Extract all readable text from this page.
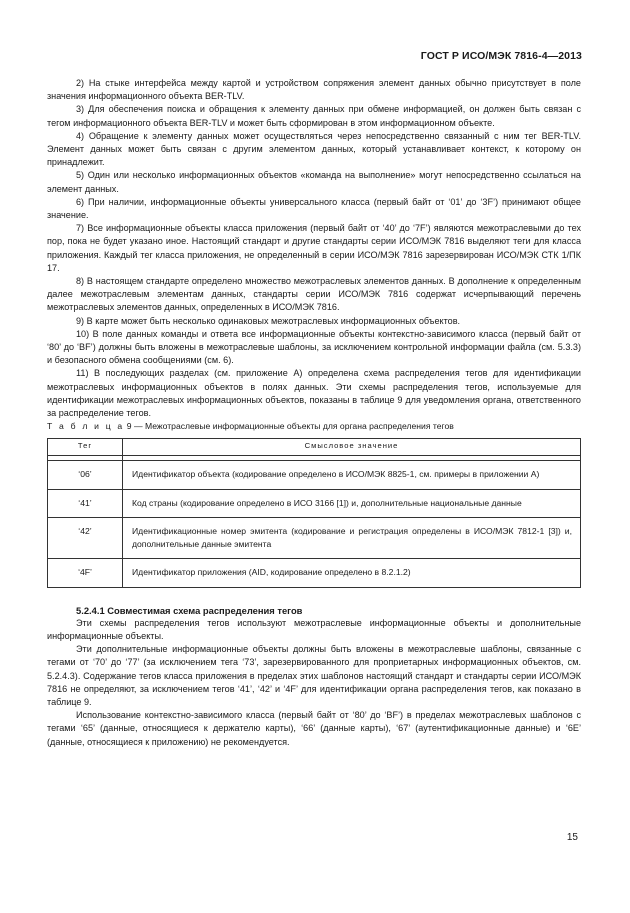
ГОСТ Р ИСО/МЭК 7816-4—2013

2) На стыке интерфейса между картой и устройством сопряжения элемент данных обычно присутствует в поле значения информационного объекта BER-TLV.

3) Для обеспечения поиска и обращения к элементу данных при обмене информацией, он должен быть связан с тегом информационного объекта BER-TLV и может быть сформирован в этом информационном объекте.

4) Обращение к элементу данных может осуществляться через непосредственно связанный с ним тег BER-TLV. Элемент данных может быть связан с другим элементом данных, который устанавливает контекст, к которому он принадлежит.

5) Один или несколько информационных объектов «команда на выполнение» могут непосредственно ссылаться на элемент данных.

6) При наличии, информационные объекты универсального класса (первый байт от ‘01’ до ‘3F’) принимают общее значение.

7) Все информационные объекты класса приложения (первый байт от ‘40’ до ‘7F’) являются межотраслевыми до тех пор, пока не будет указано иное. Настоящий стандарт и другие стандарты серии ИСО/МЭК 7816 выделяют теги для класса приложения. Каждый тег класса приложения, не определенный в серии ИСО/МЭК 7816 зарезервирован ИСО/МЭК СТК 1/ПК 17.

8) В настоящем стандарте определено множество межотраслевых элементов данных. В дополнение к определенным далее межотраслевым элементам данных, стандарты серии ИСО/МЭК 7816 содержат исчерпывающий перечень межотраслевых элементов данных, определенных в ИСО/МЭК 7816.

9) В карте может быть несколько одинаковых межотраслевых информационных объектов.

10) В поле данных команды и ответа все информационные объекты контекстно-зависимого класса (первый байт от ‘80’ до ‘BF’) должны быть вложены в межотраслевые шаблоны, за исключением контрольной информации файла (см. 5.3.3) и безопасного обмена сообщениями (см. 6).

11) В последующих разделах (см. приложение А) определена схема распределения тегов для идентификации межотраслевых информационных объектов в полях данных. Эти схемы распределения тегов, используемые для идентификации межотраслевых информационных объектов, показаны в таблице 9 для уведомления органа, ответственного за распределение тегов.

Т а б л и ц а 9 — Межотраслевые информационные объекты для органа распределения тегов

Тег	Смысловое значение

‘06’	Идентификатор объекта (кодирование определено в ИСО/МЭК 8825-1, см. примеры в приложении А)
‘41’	Код страны (кодирование определено в ИСО 3166 [1]) и, дополнительные национальные данные
‘42’	Идентификационные номер эмитента (кодирование и регистрация определены в ИСО/МЭК 7812-1 [3]) и, дополнительные данные эмитента
‘4F’	Идентификатор приложения (AID, кодирование определено в 8.2.1.2)

5.2.4.1 Совместимая схема распределения тегов

Эти схемы распределения тегов используют межотраслевые информационные объекты и дополнительные информационные объекты.

Эти дополнительные информационные объекты должны быть вложены в межотраслевые шаблоны, связанные с тегами от ‘70’ до ‘77’ (за исключением тега ‘73’, зарезервированного для проприетарных информационных объектов, см. 5.2.4.3). Содержание тегов класса приложения в пределах этих шаблонов настоящий стандарт и стандарты серии ИСО/МЭК 7816 не определяют, за исключением тегов ‘41’, ‘42’ и ‘4F’ для идентификации органа распределения тегов, как показано в таблице 9.

Использование контекстно-зависимого класса (первый байт от ‘80’ до ‘BF’) в пределах межотраслевых шаблонов с тегами ‘65’ (данные, относящиеся к держателю карты), ‘66’ (данные карты), ‘67’ (аутентификационные данные) и ‘6E’ (данные, относящиеся к приложению) не рекомендуется.

15
